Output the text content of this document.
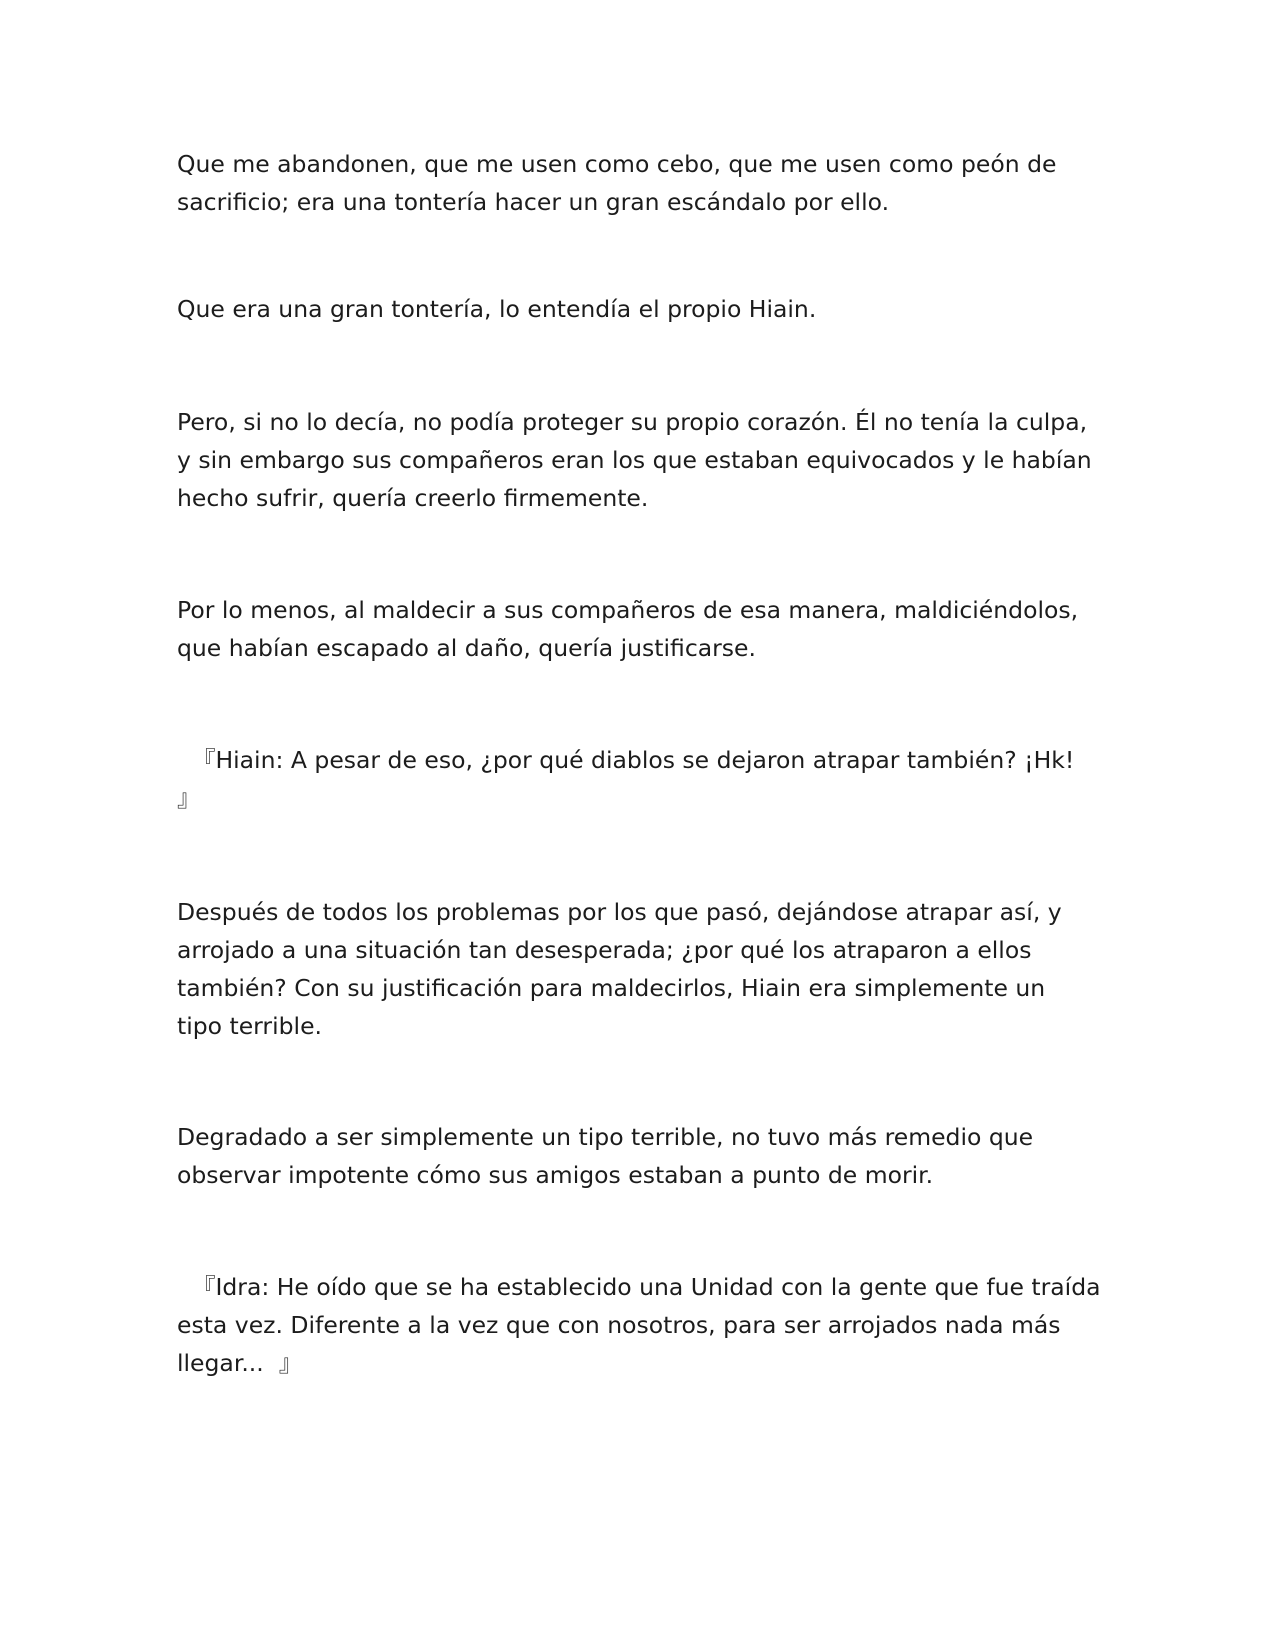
Que me abandonen, que me usen como cebo, que me usen como peón de
sacrificio; era una tontería hacer un gran escándalo por ello.

Que era una gran tontería, lo entendía el propio Hiain.

Pero, si no lo decía, no podía proteger su propio corazón. Él no tenía la culpa,
y sin embargo sus compañeros eran los que estaban equivocados y le habían
hecho sufrir, quería creerlo firmemente.

Por lo menos, al maldecir a sus compañeros de esa manera, maldiciéndolos,
que habían escapado al daño, quería justificarse.

『Hiain: A pesar de eso, ¿por qué diablos se dejaron atrapar también? ¡Hk!
』

Después de todos los problemas por los que pasó, dejándose atrapar así, y
arrojado a una situación tan desesperada; ¿por qué los atraparon a ellos
también? Con su justificación para maldecirlos, Hiain era simplemente un
tipo terrible.

Degradado a ser simplemente un tipo terrible, no tuvo más remedio que
observar impotente cómo sus amigos estaban a punto de morir.

『Idra: He oído que se ha establecido una Unidad con la gente que fue traída
esta vez. Diferente a la vez que con nosotros, para ser arrojados nada más
llegar...  』
